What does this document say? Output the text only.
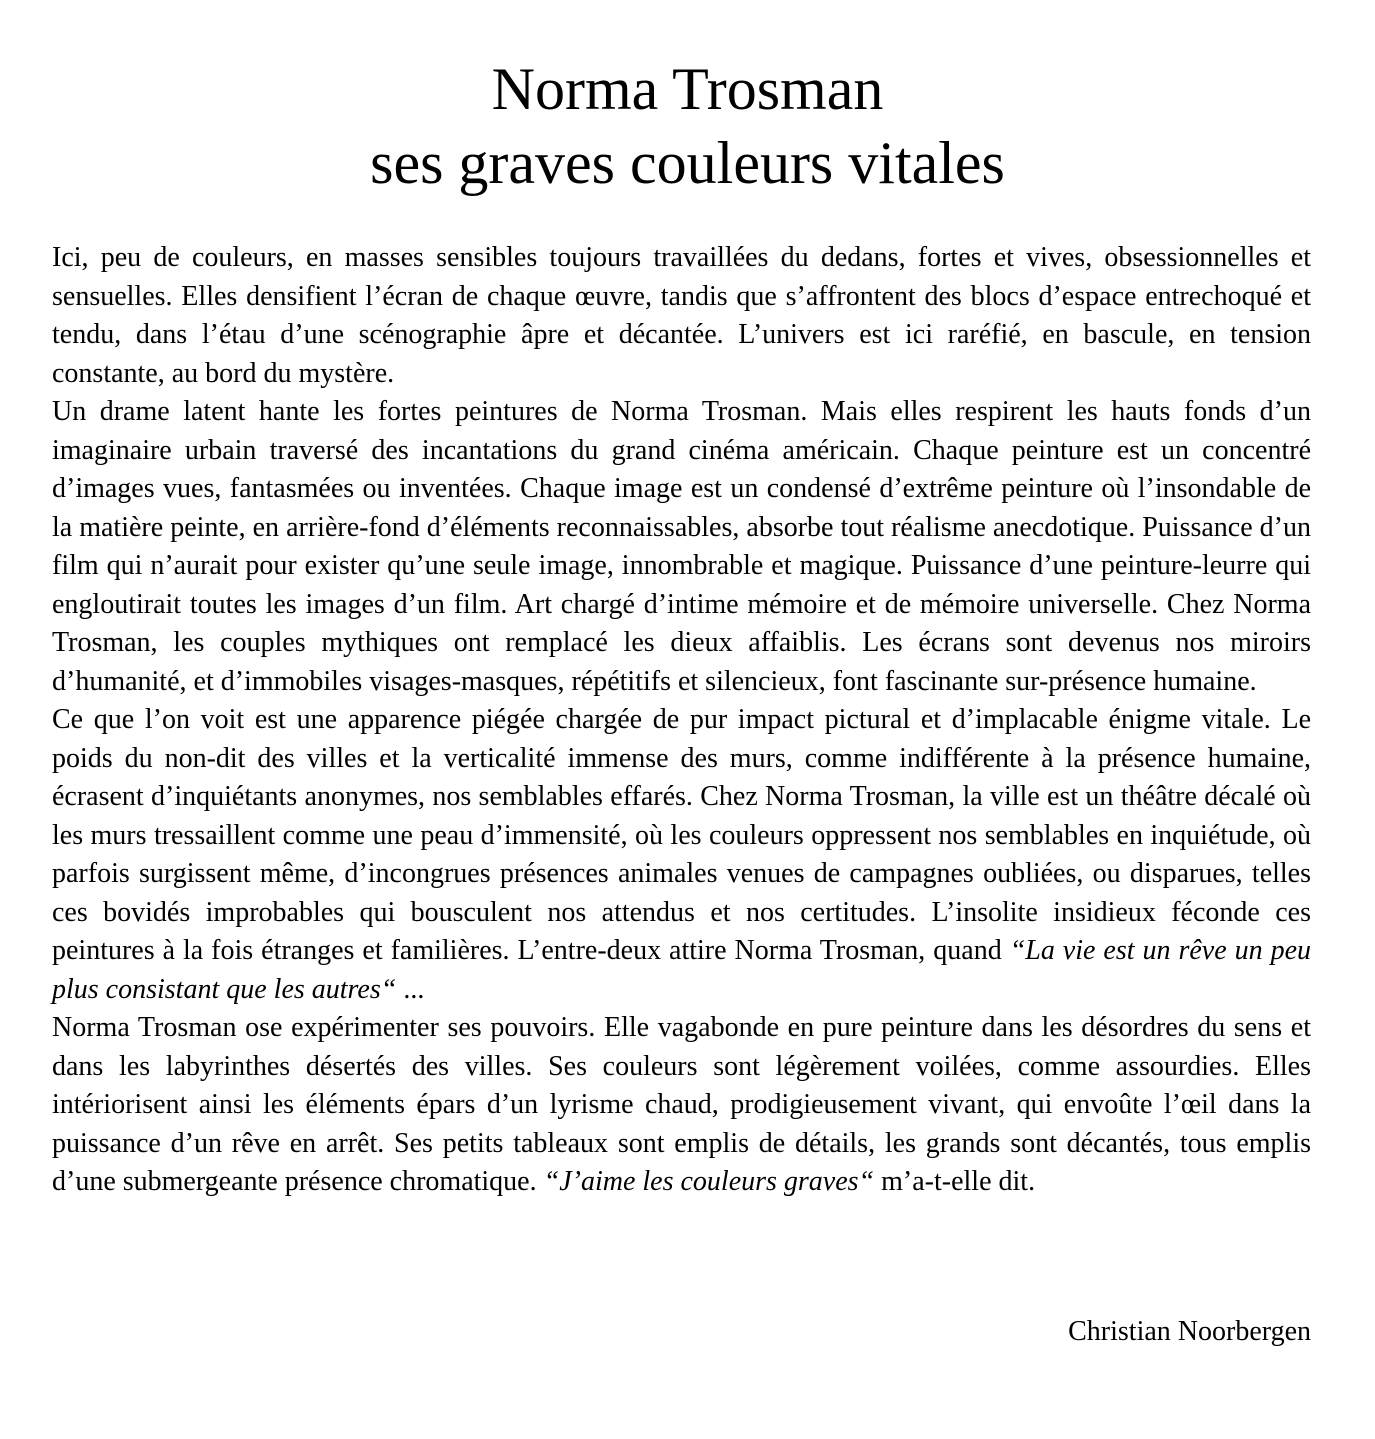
Norma Trosman
ses graves couleurs vitales

Ici, peu de couleurs, en masses sensibles toujours travaillées du dedans, fortes et vives, obsessionnelles et sensuelles. Elles densifient l’écran de chaque œuvre, tandis que s’affrontent des blocs d’espace entrechoqué et tendu, dans l’étau d’une scénographie âpre et décantée. L’univers est ici raréfié, en bascule, en tension constante, au bord du mystère.

Un drame latent hante les fortes peintures de Norma Trosman. Mais elles respirent les hauts fonds d’un imaginaire urbain traversé des incantations du grand cinéma américain. Chaque peinture est un concentré d’images vues, fantasmées ou inventées. Chaque image est un condensé d’extrême peinture où l’insondable de la matière peinte, en arrière-fond d’éléments reconnaissables, absorbe tout réalisme anecdotique. Puissance d’un film qui n’aurait pour exister qu’une seule image, innombrable et magique. Puissance d’une peinture-leurre qui engloutirait toutes les images d’un film. Art chargé d’intime mémoire et de mémoire universelle. Chez Norma Trosman, les couples mythiques ont remplacé les dieux affaiblis. Les écrans sont devenus nos miroirs d’humanité, et d’immobiles visages-masques, répétitifs et silencieux, font fascinante sur-présence humaine.

Ce que l’on voit est une apparence piégée chargée de pur impact pictural et d’implacable énigme vitale. Le poids du non-dit des villes et la verticalité immense des murs, comme indifférente à la présence humaine, écrasent d’inquiétants anonymes, nos semblables effarés. Chez Norma Trosman, la ville est un théâtre décalé où les murs tressaillent comme une peau d’immensité, où les couleurs oppressent nos semblables en inquiétude, où parfois surgissent même, d’incongrues présences animales venues de campagnes oubliées, ou disparues, telles ces bovidés improbables qui bousculent nos attendus et nos certitudes. L’insolite insidieux féconde ces peintures à la fois étranges et familières. L’entre-deux attire Norma Trosman, quand “La vie est un rêve un peu plus consistant que les autres“ ...

Norma Trosman ose expérimenter ses pouvoirs. Elle vagabonde en pure peinture dans les désordres du sens et dans les labyrinthes désertés des villes. Ses couleurs sont légèrement voilées, comme assourdies. Elles intériorisent ainsi les éléments épars d’un lyrisme chaud, prodigieusement vivant, qui envoûte l’œil dans la puissance d’un rêve en arrêt. Ses petits tableaux sont emplis de détails, les grands sont décantés, tous emplis d’une submergeante présence chromatique. “J’aime les couleurs graves“ m’a-t-elle dit.

Christian Noorbergen
